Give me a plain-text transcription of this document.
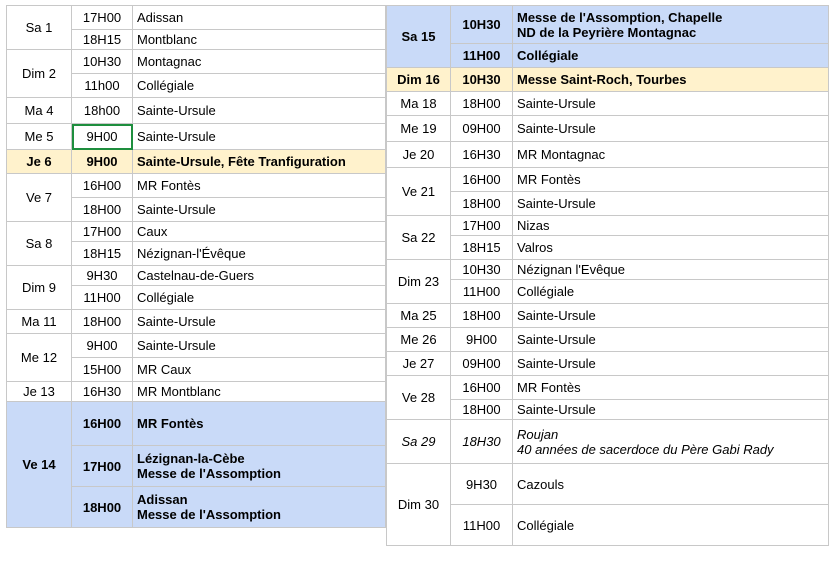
Sa 1	17H00	Adissan
	18H15	Montblanc
Dim 2	10H30	Montagnac
	11h00	Collégiale
Ma 4	18h00	Sainte-Ursule
Me 5	9H00	Sainte-Ursule
Je 6	9H00	Sainte-Ursule, Fête Tranfiguration
Ve 7	16H00	MR Fontès
	18H00	Sainte-Ursule
Sa 8	17H00	Caux
	18H15	Nézignan-l'Évêque
Dim 9	9H30	Castelnau-de-Guers
	11H00	Collégiale
Ma 11	18H00	Sainte-Ursule
Me 12	9H00	Sainte-Ursule
	15H00	MR Caux
Je 13	16H30	MR Montblanc
Ve 14	16H00	MR Fontès
	17H00	Lézignan-la-Cèbe
Messe de l'Assomption

	18H00	Adissan
Messe de l'Assomption
Sa 15	10H30	Messe de l'Assomption, Chapelle
ND de la Peyrière Montagnac

	11H00	Collégiale
Dim 16	10H30	Messe Saint-Roch, Tourbes
Ma 18	18H00	Sainte-Ursule
Me 19	09H00	Sainte-Ursule
Je 20	16H30	MR Montagnac
Ve 21	16H00	MR Fontès
	18H00	Sainte-Ursule
Sa 22	17H00	Nizas
	18H15	Valros
Dim 23	10H30	Nézignan l'Evêque
	11H00	Collégiale
Ma 25	18H00	Sainte-Ursule
Me 26	9H00	Sainte-Ursule
Je 27	09H00	Sainte-Ursule
Ve 28	16H00	MR Fontès
	18H00	Sainte-Ursule
Sa 29	18H30	Roujan
40 années de sacerdoce du Père Gabi Rady

Dim 30	9H30	Cazouls
	11H00	Collégiale
